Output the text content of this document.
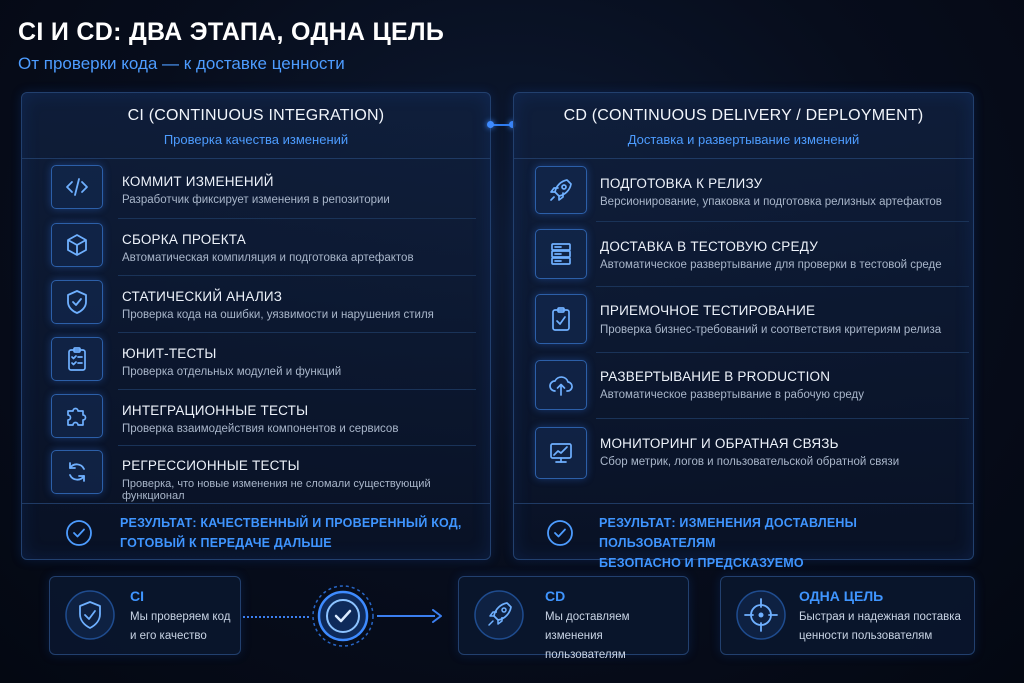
CI И CD: ДВА ЭТАПА, ОДНА ЦЕЛЬ
От проверки кода — к доставке ценности
CI (CONTINUOUS INTEGRATION)
Проверка качества изменений
КОММИТ ИЗМЕНЕНИЙ
Разработчик фиксирует изменения в репозитории
СБОРКА ПРОЕКТА
Автоматическая компиляция и подготовка артефактов
СТАТИЧЕСКИЙ АНАЛИЗ
Проверка кода на ошибки, уязвимости и нарушения стиля
ЮНИТ-ТЕСТЫ
Проверка отдельных модулей и функций
ИНТЕГРАЦИОННЫЕ ТЕСТЫ
Проверка взаимодействия компонентов и сервисов
РЕГРЕССИОННЫЕ ТЕСТЫ
Проверка, что новые изменения не сломали существующий функционал
РЕЗУЛЬТАТ: КАЧЕСТВЕННЫЙ И ПРОВЕРЕННЫЙ КОД,
ГОТОВЫЙ К ПЕРЕДАЧЕ ДАЛЬШЕ
CD (CONTINUOUS DELIVERY / DEPLOYMENT)
Доставка и развертывание изменений
ПОДГОТОВКА К РЕЛИЗУ
Версионирование, упаковка и подготовка релизных артефактов
ДОСТАВКА В ТЕСТОВУЮ СРЕДУ
Автоматическое развертывание для проверки в тестовой среде
ПРИЕМОЧНОЕ ТЕСТИРОВАНИЕ
Проверка бизнес-требований и соответствия критериям релиза
РАЗВЕРТЫВАНИЕ В PRODUCTION
Автоматическое развертывание в рабочую среду
МОНИТОРИНГ И ОБРАТНАЯ СВЯЗЬ
Сбор метрик, логов и пользовательской обратной связи
РЕЗУЛЬТАТ: ИЗМЕНЕНИЯ ДОСТАВЛЕНЫ ПОЛЬЗОВАТЕЛЯМ
БЕЗОПАСНО И ПРЕДСКАЗУЕМО
CI
Мы проверяем код
и его качество
CD
Мы доставляем изменения
пользователям
ОДНА ЦЕЛЬ
Быстрая и надежная поставка
ценности пользователям
